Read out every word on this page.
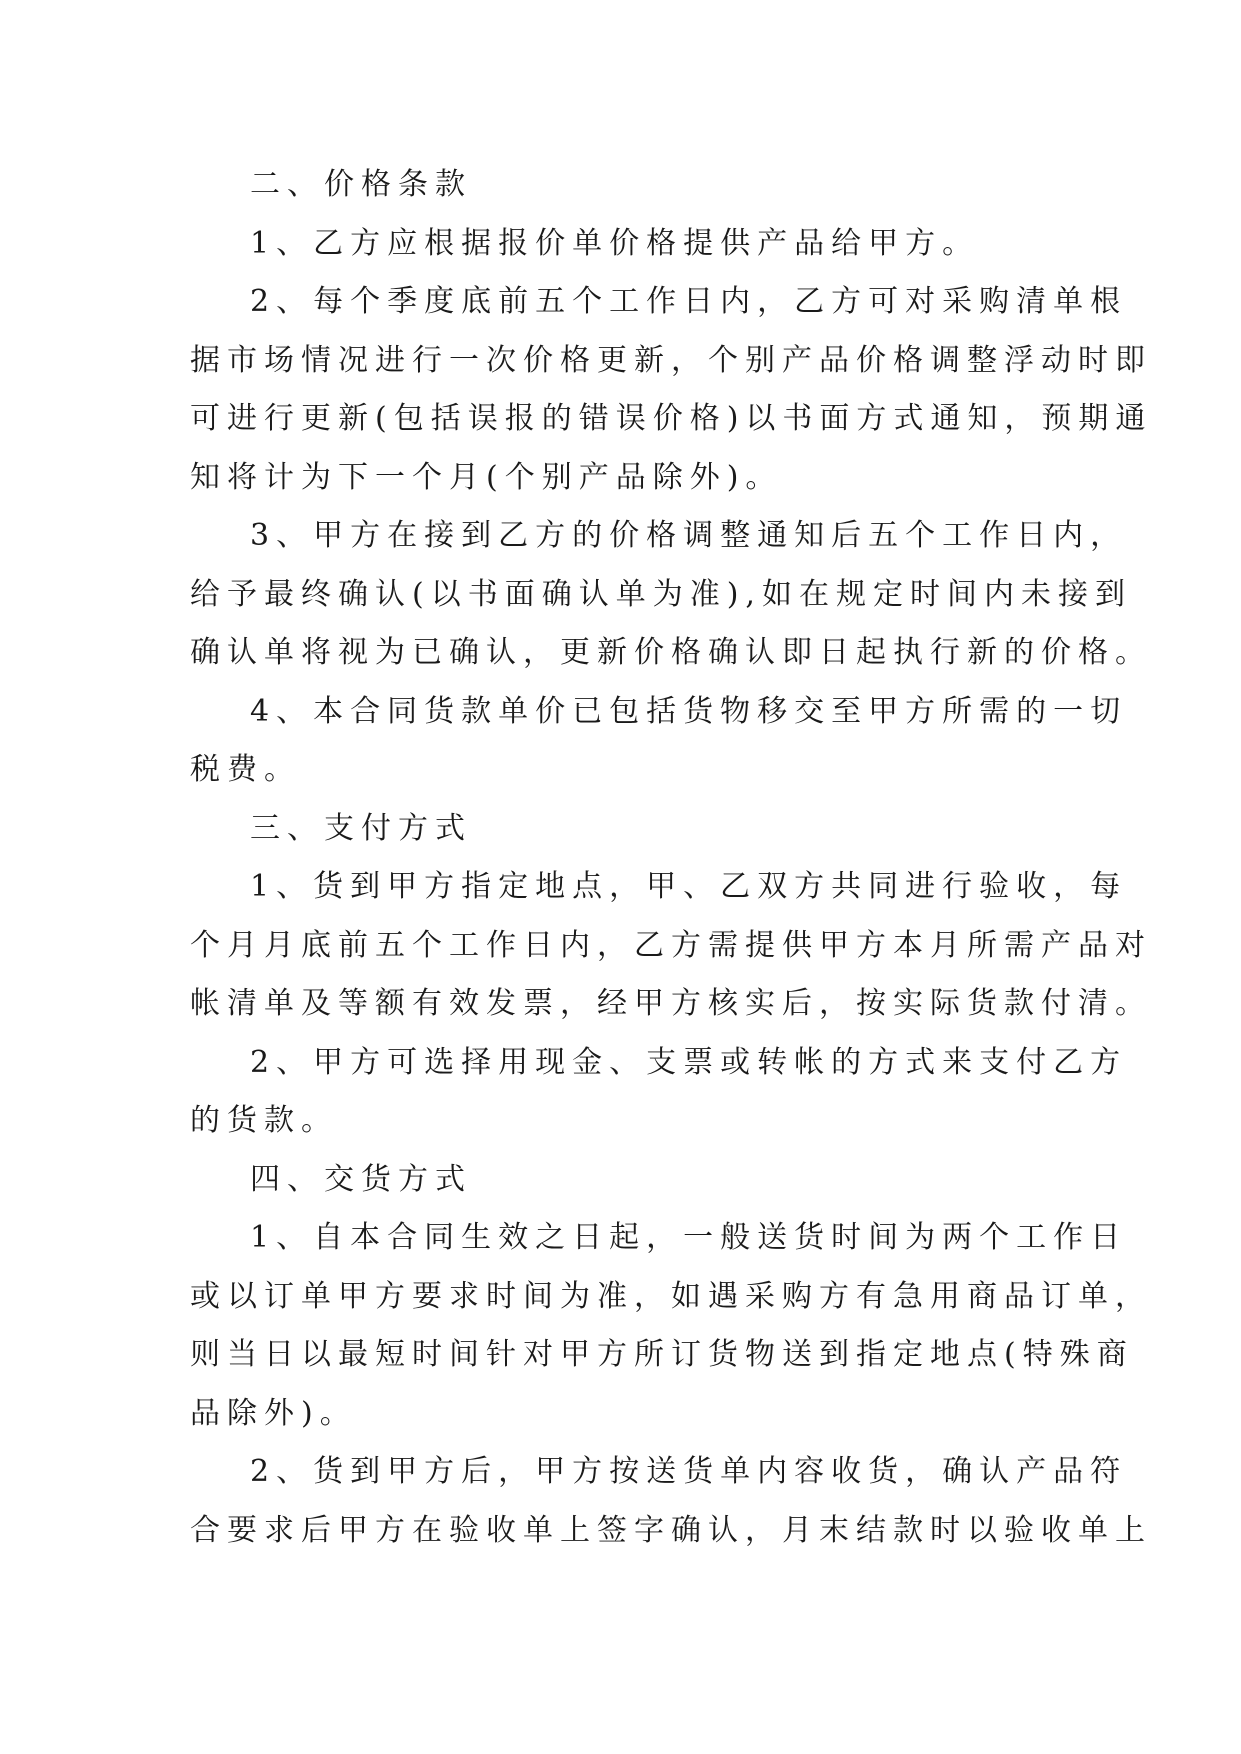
二、价格条款

1、乙方应根据报价单价格提供产品给甲方。

2、每个季度底前五个工作日内，乙方可对采购清单根

据市场情况进行一次价格更新，个别产品价格调整浮动时即

可进行更新(包括误报的错误价格)以书面方式通知，预期通

知将计为下一个月(个别产品除外)。

3、甲方在接到乙方的价格调整通知后五个工作日内，

给予最终确认(以书面确认单为准),如在规定时间内未接到

确认单将视为已确认，更新价格确认即日起执行新的价格。

4、本合同货款单价已包括货物移交至甲方所需的一切

税费。

三、支付方式

1、货到甲方指定地点，甲、乙双方共同进行验收，每

个月月底前五个工作日内，乙方需提供甲方本月所需产品对

帐清单及等额有效发票，经甲方核实后，按实际货款付清。

2、甲方可选择用现金、支票或转帐的方式来支付乙方

的货款。

四、交货方式

1、自本合同生效之日起，一般送货时间为两个工作日

或以订单甲方要求时间为准，如遇采购方有急用商品订单，

则当日以最短时间针对甲方所订货物送到指定地点(特殊商

品除外)。

2、货到甲方后，甲方按送货单内容收货，确认产品符

合要求后甲方在验收单上签字确认，月末结款时以验收单上
